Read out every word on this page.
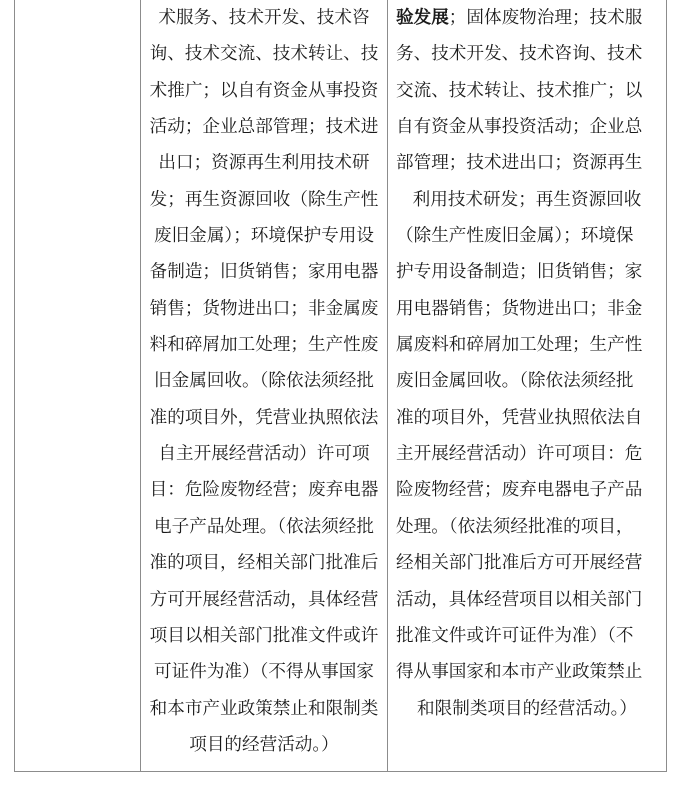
术服务、技术开发、技术咨
询、技术交流、技术转让、技
术推广；以自有资金从事投资
活动；企业总部管理；技术进
出口；资源再生利用技术研
发；再生资源回收（除生产性
废旧金属）；环境保护专用设
备制造；旧货销售；家用电器
销售；货物进出口；非金属废
料和碎屑加工处理；生产性废
旧金属回收。（除依法须经批
准的项目外，凭营业执照依法
自主开展经营活动）许可项
目：危险废物经营；废弃电器
电子产品处理。（依法须经批
准的项目，经相关部门批准后
方可开展经营活动，具体经营
项目以相关部门批准文件或许
可证件为准）（不得从事国家
和本市产业政策禁止和限制类
项目的经营活动。）

验发展；固体废物治理；技术服
务、技术开发、技术咨询、技术
交流、技术转让、技术推广；以
自有资金从事投资活动；企业总
部管理；技术进出口；资源再生
利用技术研发；再生资源回收
（除生产性废旧金属）；环境保
护专用设备制造；旧货销售；家
用电器销售；货物进出口；非金
属废料和碎屑加工处理；生产性
废旧金属回收。（除依法须经批
准的项目外，凭营业执照依法自
主开展经营活动）许可项目：危
险废物经营；废弃电器电子产品
处理。（依法须经批准的项目，
经相关部门批准后方可开展经营
活动，具体经营项目以相关部门
批准文件或许可证件为准）（不
得从事国家和本市产业政策禁止
和限制类项目的经营活动。）
